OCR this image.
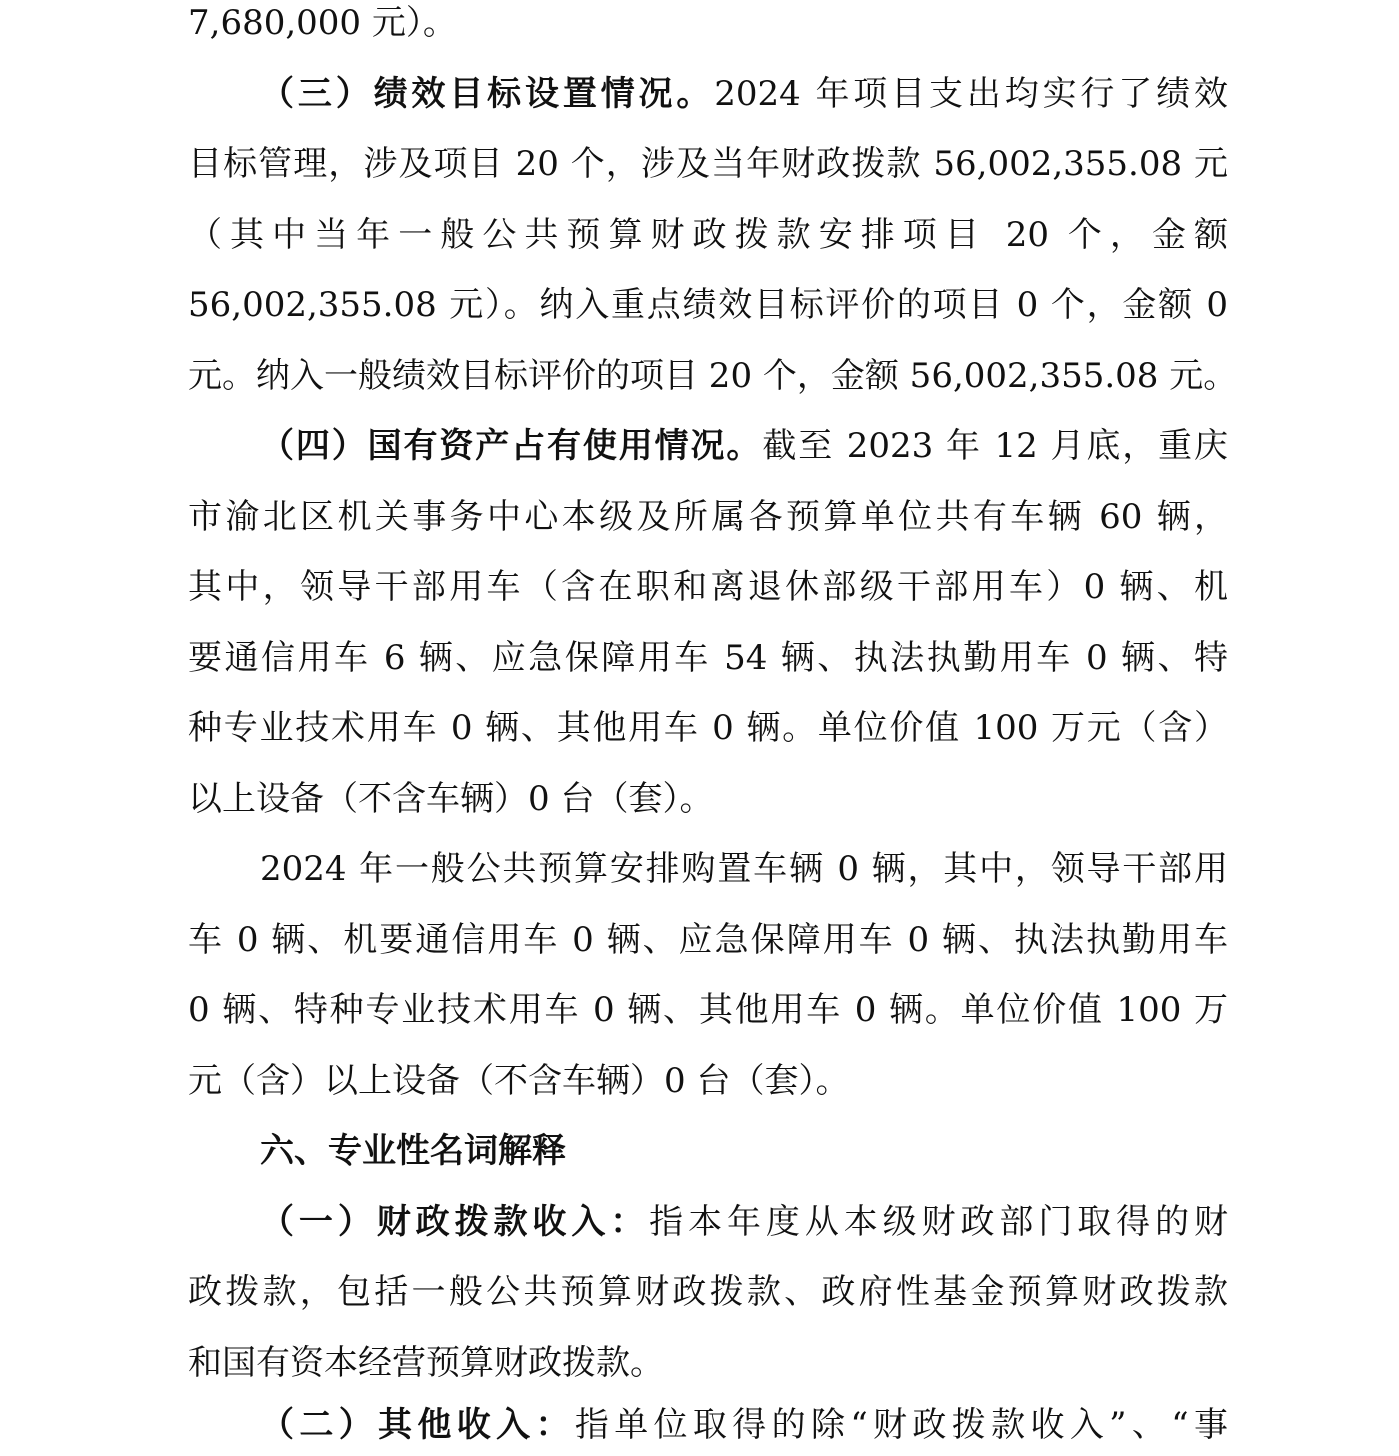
7,680,000 元）。
（三）绩效目标设置情况。2024 年项目支出均实行了绩效
目标管理，涉及项目 20 个，涉及当年财政拨款 56,002,355.08 元
（其中当年一般公共预算财政拨款安排项目 20 个，金额
56,002,355.08 元）。纳入重点绩效目标评价的项目 0 个，金额 0
元。纳入一般绩效目标评价的项目 20 个，金额 56,002,355.08 元。
（四）国有资产占有使用情况。截至 2023 年 12 月底，重庆
市渝北区机关事务中心本级及所属各预算单位共有车辆 60 辆，
其中，领导干部用车（含在职和离退休部级干部用车）0 辆、机
要通信用车 6 辆、应急保障用车 54 辆、执法执勤用车 0 辆、特
种专业技术用车 0 辆、其他用车 0 辆。单位价值 100 万元（含）
以上设备（不含车辆）0 台（套）。
2024 年一般公共预算安排购置车辆 0 辆，其中，领导干部用
车 0 辆、机要通信用车 0 辆、应急保障用车 0 辆、执法执勤用车
0 辆、特种专业技术用车 0 辆、其他用车 0 辆。单位价值 100 万
元（含）以上设备（不含车辆）0 台（套）。
六、专业性名词解释
（一）财政拨款收入：指本年度从本级财政部门取得的财
政拨款，包括一般公共预算财政拨款、政府性基金预算财政拨款
和国有资本经营预算财政拨款。
（二）其他收入：指单位取得的除“财政拨款收入”、“事
